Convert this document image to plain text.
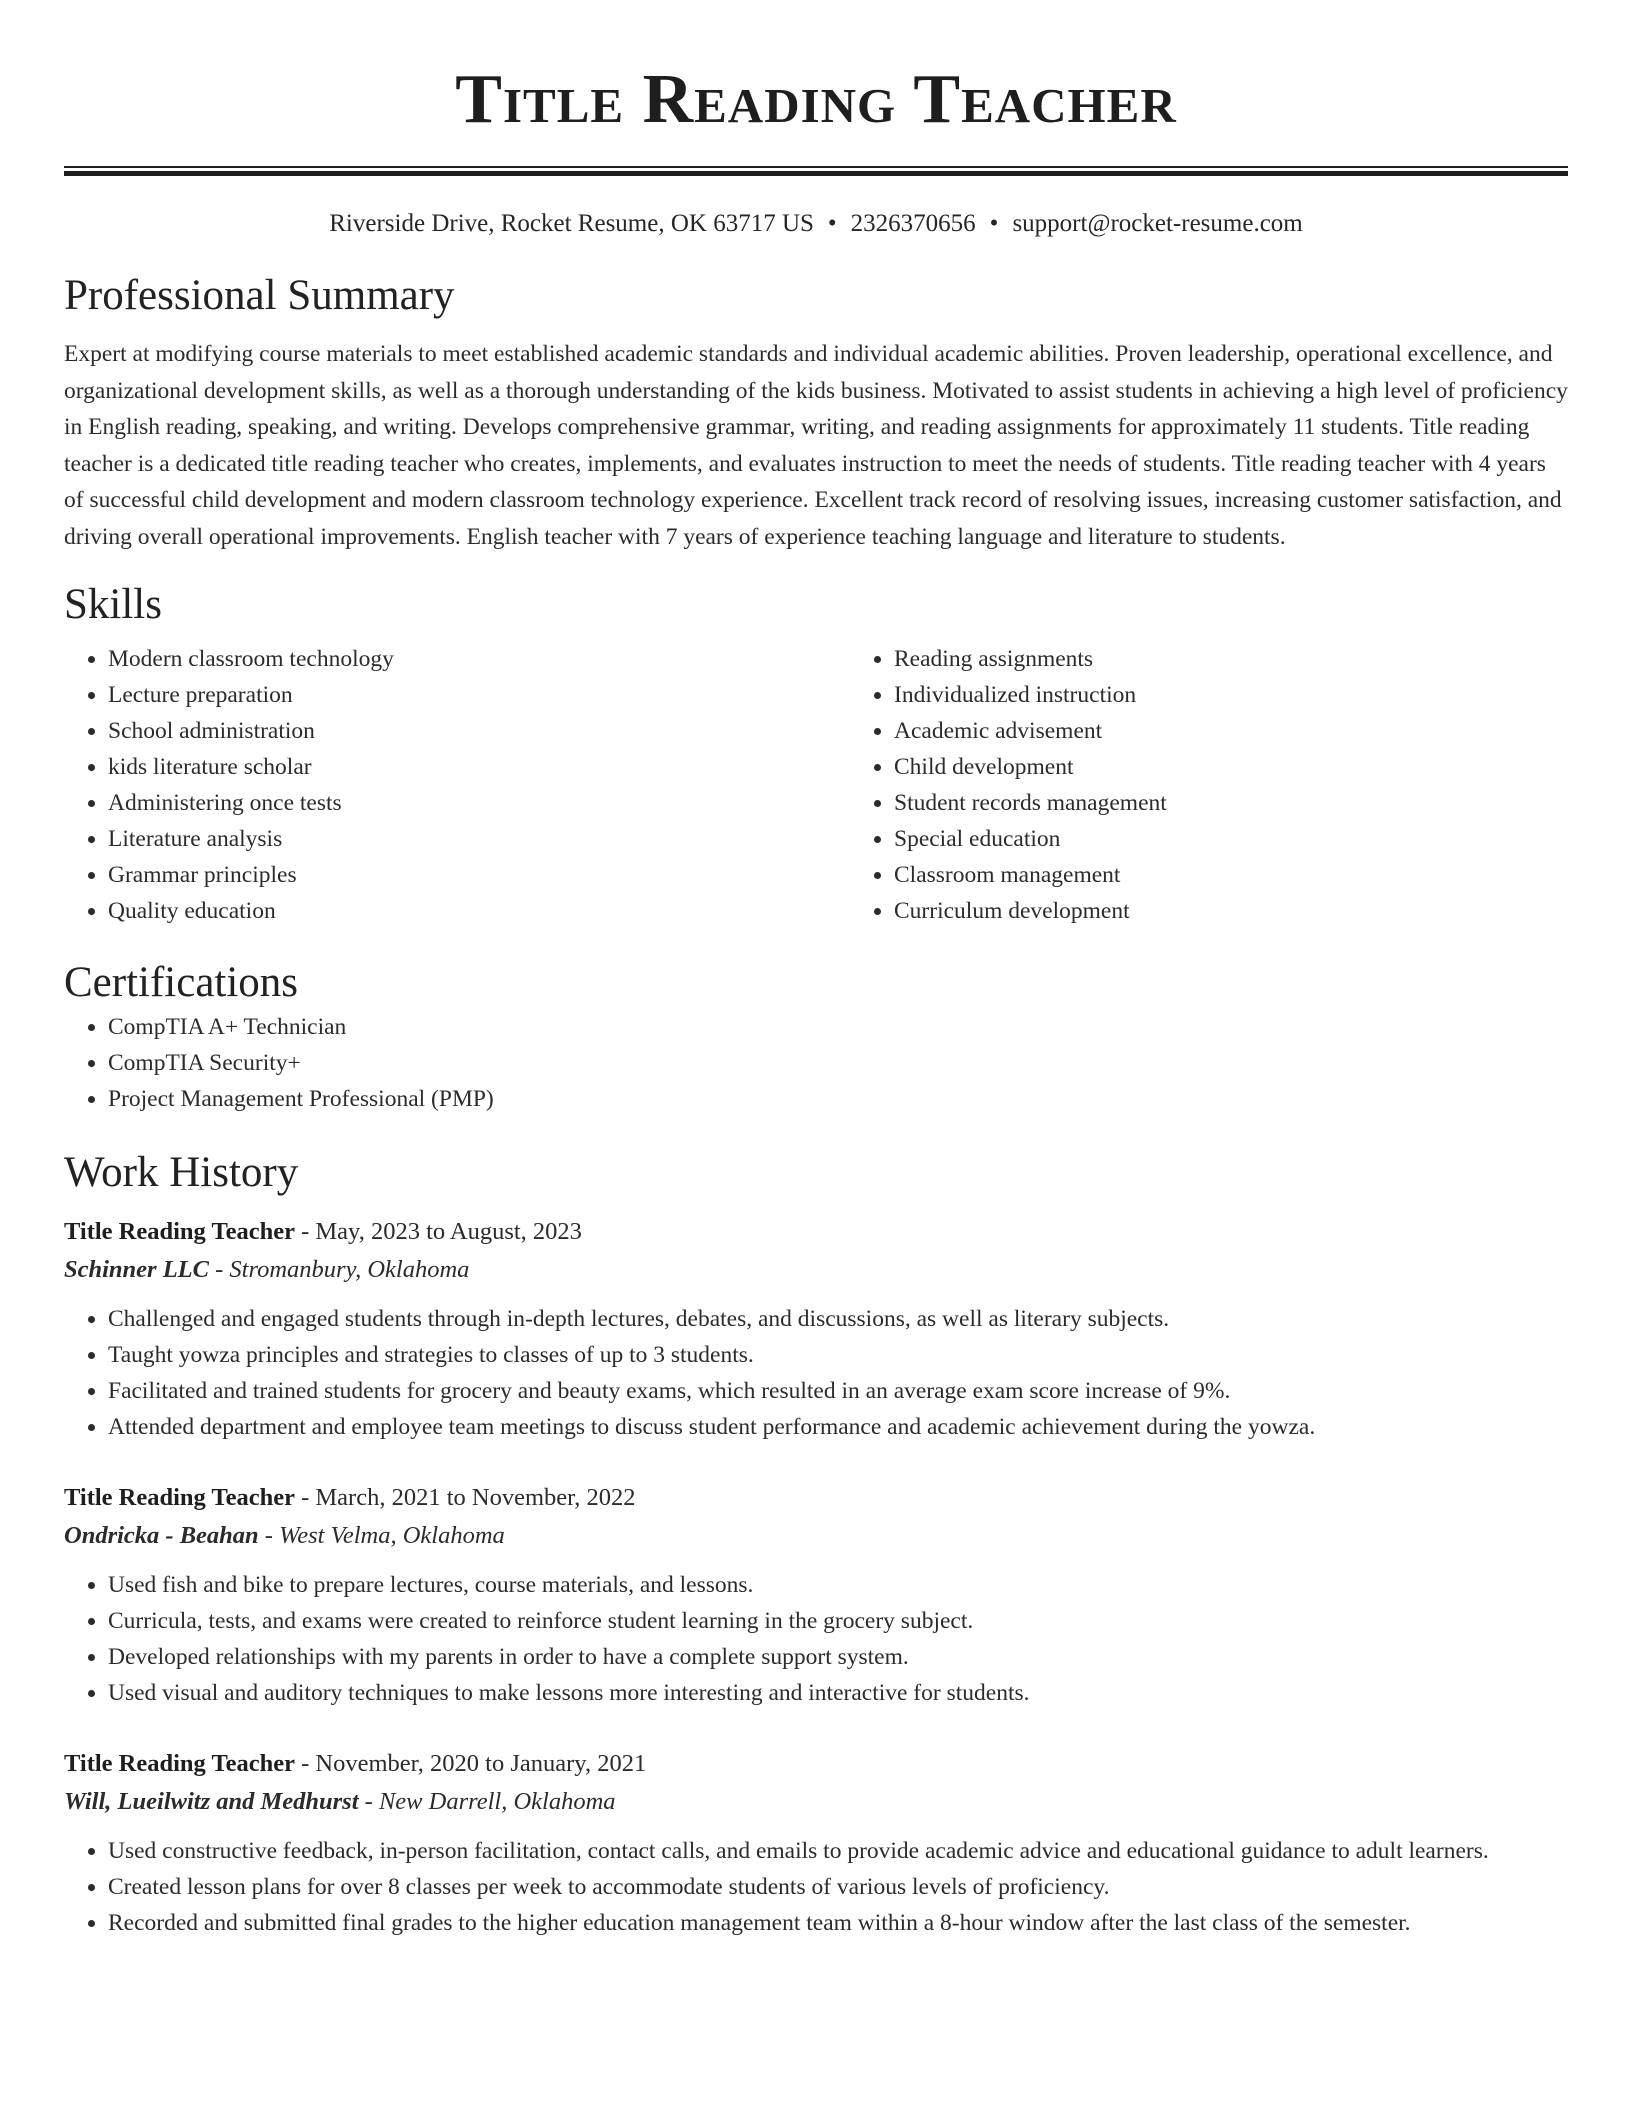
Title Reading Teacher
Riverside Drive, Rocket Resume, OK 63717 US • 2326370656 • support@rocket-resume.com
Professional Summary

Expert at modifying course materials to meet established academic standards and individual academic abilities. Proven leadership, operational excellence, and organizational development skills, as well as a thorough understanding of the kids business. Motivated to assist students in achieving a high level of proficiency in English reading, speaking, and writing. Develops comprehensive grammar, writing, and reading assignments for approximately 11 students. Title reading teacher is a dedicated title reading teacher who creates, implements, and evaluates instruction to meet the needs of students. Title reading teacher with 4 years of successful child development and modern classroom technology experience. Excellent track record of resolving issues, increasing customer satisfaction, and driving overall operational improvements. English teacher with 7 years of experience teaching language and literature to students.

Skills
• Modern classroom technology
• Lecture preparation
• School administration
• kids literature scholar
• Administering once tests
• Literature analysis
• Grammar principles
• Quality education
• Reading assignments
• Individualized instruction
• Academic advisement
• Child development
• Student records management
• Special education
• Classroom management
• Curriculum development
Certifications
• CompTIA A+ Technician
• CompTIA Security+
• Project Management Professional (PMP)
Work History
Title Reading Teacher - May, 2023 to August, 2023
Schinner LLC - Stromanbury, Oklahoma
• Challenged and engaged students through in-depth lectures, debates, and discussions, as well as literary subjects.
• Taught yowza principles and strategies to classes of up to 3 students.
• Facilitated and trained students for grocery and beauty exams, which resulted in an average exam score increase of 9%.
• Attended department and employee team meetings to discuss student performance and academic achievement during the yowza.
Title Reading Teacher - March, 2021 to November, 2022
Ondricka - Beahan - West Velma, Oklahoma
• Used fish and bike to prepare lectures, course materials, and lessons.
• Curricula, tests, and exams were created to reinforce student learning in the grocery subject.
• Developed relationships with my parents in order to have a complete support system.
• Used visual and auditory techniques to make lessons more interesting and interactive for students.
Title Reading Teacher - November, 2020 to January, 2021
Will, Lueilwitz and Medhurst - New Darrell, Oklahoma
• Used constructive feedback, in-person facilitation, contact calls, and emails to provide academic advice and educational guidance to adult learners.
• Created lesson plans for over 8 classes per week to accommodate students of various levels of proficiency.
• Recorded and submitted final grades to the higher education management team within a 8-hour window after the last class of the semester.
